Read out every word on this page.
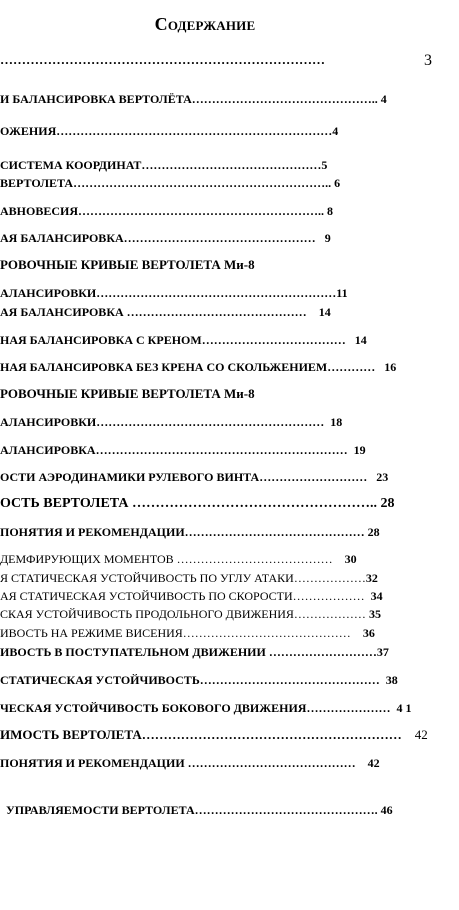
Содержание
…………………………………………………………………	3
И БАЛАНСИРОВКА ВЕРТОЛЁТА……………………………………….. 4
ОЖЕНИЯ……………………………………………………………4
СИСТЕМА КООРДИНАТ………………………………………5
ВЕРТОЛЕТА……………………………………………………….. 6
АВНОВЕСИЯ…………………………………………………….. 8
АЯ БАЛАНСИРОВКА………………………………………… 9
РОВОЧНЫЕ КРИВЫЕ ВЕРТОЛЕТА Ми-8
АЛАНСИРОВКИ……………………………………………………11
АЯ БАЛАНСИРОВКА ……………………………………… 14
НАЯ БАЛАНСИРОВКА С КРЕНОМ……………………………… 14
НАЯ БАЛАНСИРОВКА БЕЗ КРЕНА СО СКОЛЬЖЕНИЕМ………… 16
РОВОЧНЫЕ КРИВЫЕ ВЕРТОЛЕТА Ми-8
АЛАНСИРОВКИ………………………………………………… 18
АЛАНСИРОВКА……………………………………………………… 19
ОСТИ АЭРОДИНАМИКИ РУЛЕВОГО ВИНТА……………………… 23
ОСТЬ ВЕРТОЛЕТА …………………………………………….. 28
ПОНЯТИЯ И РЕКОМЕНДАЦИИ……………………………………… 28
ДЕМФИРУЮЩИХ МОМЕНТОВ ………………………………… 30
Я СТАТИЧЕСКАЯ УСТОЙЧИВОСТЬ ПО УГЛУ АТАКИ………………32
АЯ СТАТИЧЕСКАЯ УСТОЙЧИВОСТЬ ПО СКОРОСТИ……………… 34
СКАЯ УСТОЙЧИВОСТЬ ПРОДОЛЬНОГО ДВИЖЕНИЯ……………… 35
ИВОСТЬ НА РЕЖИМЕ ВИСЕНИЯ…………………………………… 36
ИВОСТЬ В ПОСТУПАТЕЛЬНОМ ДВИЖЕНИИ ………………………37
СТАТИЧЕСКАЯ УСТОЙЧИВОСТЬ……………………………………… 38
ЧЕСКАЯ УСТОЙЧИВОСТЬ БОКОВОГО ДВИЖЕНИЯ………………… 4 1
ИМОСТЬ ВЕРТОЛЕТА…………………………………………………… 42
ПОНЯТИЯ И РЕКОМЕНДАЦИИ …………………………………… 42
УПРАВЛЯЕМОСТИ ВЕРТОЛЕТА………………………………………. 46
